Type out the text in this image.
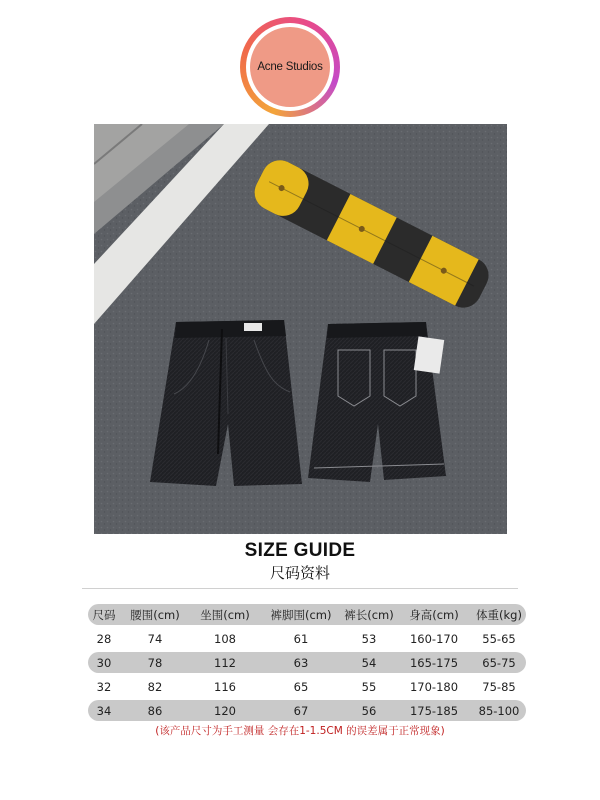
Acne Studios
SIZE GUIDE
尺码资料
尺码	腰围(cm)	坐围(cm)	裤脚围(cm)	裤长(cm)	身高(cm)	体重(kg)
28	74	108	61	53	160-170	55-65
30	78	112	63	54	165-175	65-75
32	82	116	65	55	170-180	75-85
34	86	120	67	56	175-185	85-100
(该产品尺寸为手工测量 会存在1-1.5CM 的误差属于正常现象)
